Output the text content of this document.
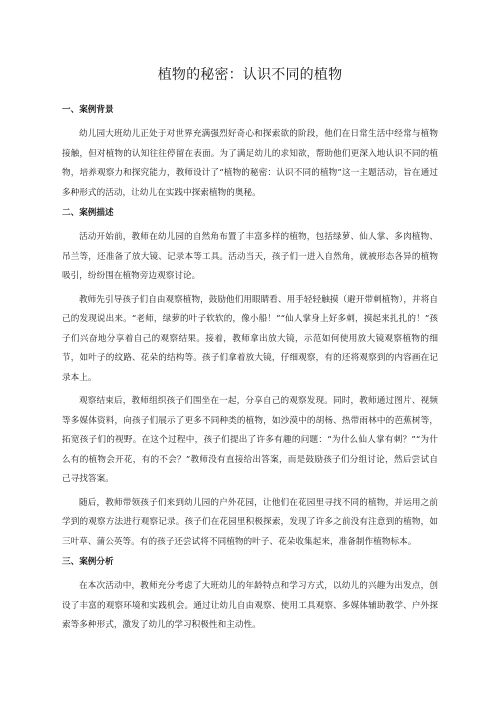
植物的秘密：认识不同的植物
一、案例背景

幼儿园大班幼儿正处于对世界充满强烈好奇心和探索欲的阶段，他们在日常生活中经常与植物接触，但对植物的认知往往停留在表面。为了满足幼儿的求知欲，帮助他们更深入地认识不同的植物，培养观察力和探究能力，教师设计了“植物的秘密：认识不同的植物”这一主题活动，旨在通过多种形式的活动，让幼儿在实践中探索植物的奥秘。

二、案例描述

活动开始前，教师在幼儿园的自然角布置了丰富多样的植物，包括绿萝、仙人掌、多肉植物、吊兰等，还准备了放大镜、记录本等工具。活动当天，孩子们一进入自然角，就被形态各异的植物吸引，纷纷围在植物旁边观察讨论。

教师先引导孩子们自由观察植物，鼓励他们用眼睛看、用手轻轻触摸（避开带刺植物），并将自己的发现说出来。“老师，绿萝的叶子软软的，像小船！”“仙人掌身上好多刺，摸起来扎扎的！”孩子们兴奋地分享着自己的观察结果。接着，教师拿出放大镜，示范如何使用放大镜观察植物的细节，如叶子的纹路、花朵的结构等。孩子们拿着放大镜，仔细观察，有的还将观察到的内容画在记录本上。

观察结束后，教师组织孩子们围坐在一起，分享自己的观察发现。同时，教师通过图片、视频等多媒体资料，向孩子们展示了更多不同种类的植物，如沙漠中的胡杨、热带雨林中的芭蕉树等，拓宽孩子们的视野。在这个过程中，孩子们提出了许多有趣的问题：“为什么仙人掌有刺？”“为什么有的植物会开花，有的不会？”教师没有直接给出答案，而是鼓励孩子们分组讨论，然后尝试自己寻找答案。

随后，教师带领孩子们来到幼儿园的户外花园，让他们在花园里寻找不同的植物，并运用之前学到的观察方法进行观察记录。孩子们在花园里积极探索，发现了许多之前没有注意到的植物，如三叶草、蒲公英等。有的孩子还尝试将不同植物的叶子、花朵收集起来，准备制作植物标本。

三、案例分析

在本次活动中，教师充分考虑了大班幼儿的年龄特点和学习方式，以幼儿的兴趣为出发点，创设了丰富的观察环境和实践机会。通过让幼儿自由观察、使用工具观察、多媒体辅助教学、户外探索等多种形式，激发了幼儿的学习积极性和主动性。
